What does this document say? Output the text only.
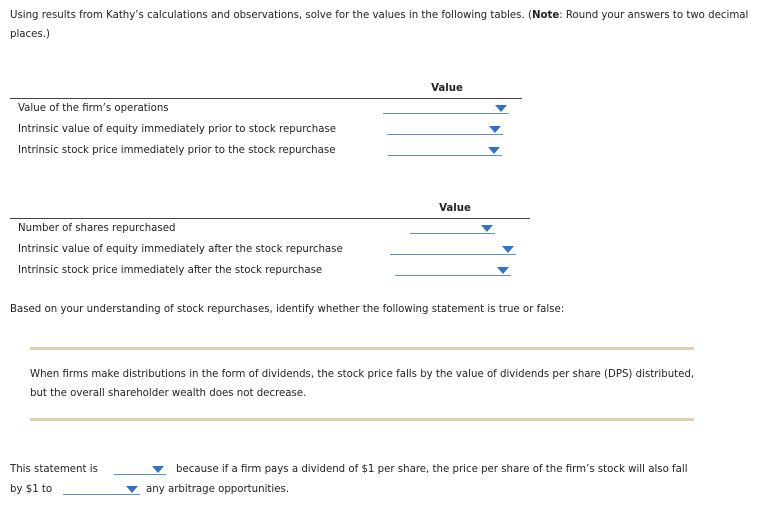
Using results from Kathy’s calculations and observations, solve for the values in the following tables. (Note: Round your answers to two decimal places.)
Value
Value of the firm’s operations
Intrinsic value of equity immediately prior to stock repurchase
Intrinsic stock price immediately prior to the stock repurchase
Value
Number of shares repurchased
Intrinsic value of equity immediately after the stock repurchase
Intrinsic stock price immediately after the stock repurchase
Based on your understanding of stock repurchases, identify whether the following statement is true or false:
When firms make distributions in the form of dividends, the stock price falls by the value of dividends per share (DPS) distributed, but the overall shareholder wealth does not decrease.
This statement is	because if a firm pays a dividend of $1 per share, the price per share of the firm’s stock will also fall
by $1 to	any arbitrage opportunities.
